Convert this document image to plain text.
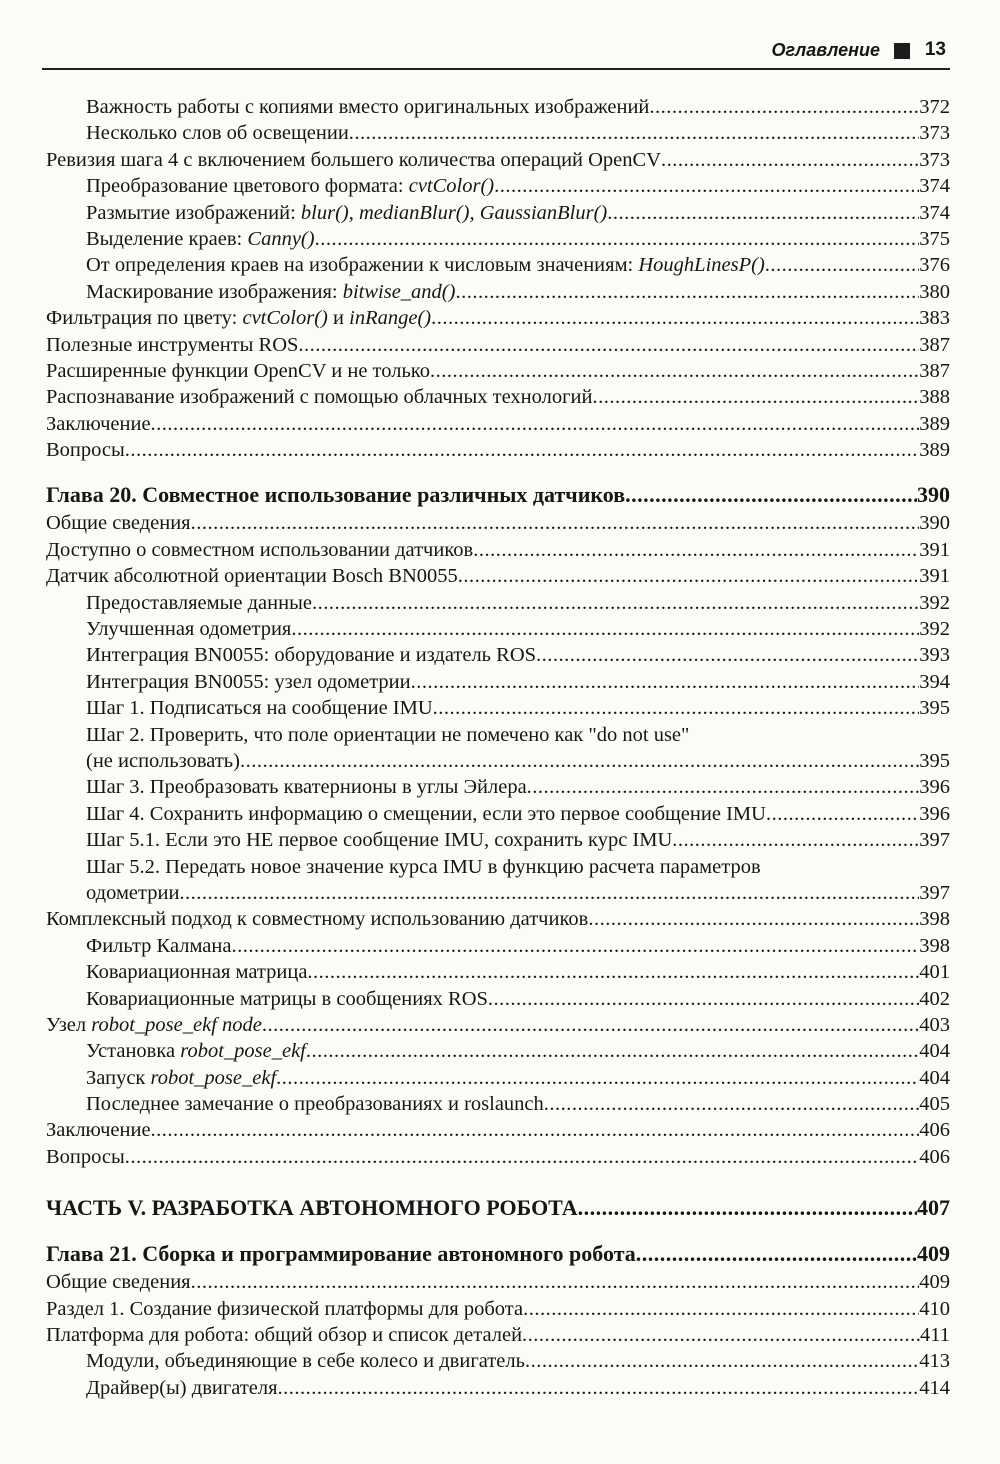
Оглавление 13
Важность работы с копиями вместо оригинальных изображений .....	372
Несколько слов об освещении .....	373
Ревизия шага 4 с включением большего количества операций OpenCV .....	373
Преобразование цветового формата: cvtColor() .....	374
Размытие изображений: blur(), medianBlur(), GaussianBlur() .....	374
Выделение краев: Canny() .....	375
От определения краев на изображении к числовым значениям: HoughLinesP() .....	376
Маскирование изображения: bitwise_and() .....	380
Фильтрация по цвету: cvtColor() и inRange() .....	383
Полезные инструменты ROS .....	387
Расширенные функции OpenCV и не только .....	387
Распознавание изображений с помощью облачных технологий .....	388
Заключение .....	389
Вопросы .....	389
Глава 20. Совместное использование различных датчиков .....	390
Общие сведения .....	390
Доступно о совместном использовании датчиков .....	391
Датчик абсолютной ориентации Bosch BN0055 .....	391
Предоставляемые данные .....	392
Улучшенная одометрия .....	392
Интеграция BN0055: оборудование и издатель ROS .....	393
Интеграция BN0055: узел одометрии .....	394
Шаг 1. Подписаться на сообщение IMU .....	395
Шаг 2. Проверить, что поле ориентации не помечено как "do not use"
(не использовать) .....	395
Шаг 3. Преобразовать кватернионы в углы Эйлера .....	396
Шаг 4. Сохранить информацию о смещении, если это первое сообщение IMU .....	396
Шаг 5.1. Если это НЕ первое сообщение IMU, сохранить курс IMU .....	397
Шаг 5.2. Передать новое значение курса IMU в функцию расчета параметров
одометрии .....	397
Комплексный подход к совместному использованию датчиков .....	398
Фильтр Калмана .....	398
Ковариационная матрица .....	401
Ковариационные матрицы в сообщениях ROS .....	402
Узел robot_pose_ekf node .....	403
Установка robot_pose_ekf .....	404
Запуск robot_pose_ekf .....	404
Последнее замечание о преобразованиях и roslaunch .....	405
Заключение .....	406
Вопросы .....	406
ЧАСТЬ V. РАЗРАБОТКА АВТОНОМНОГО РОБОТА .....	407
Глава 21. Сборка и программирование автономного робота .....	409
Общие сведения .....	409
Раздел 1. Создание физической платформы для робота .....	410
Платформа для робота: общий обзор и список деталей .....	411
Модули, объединяющие в себе колесо и двигатель .....	413
Драйвер(ы) двигателя .....	414
